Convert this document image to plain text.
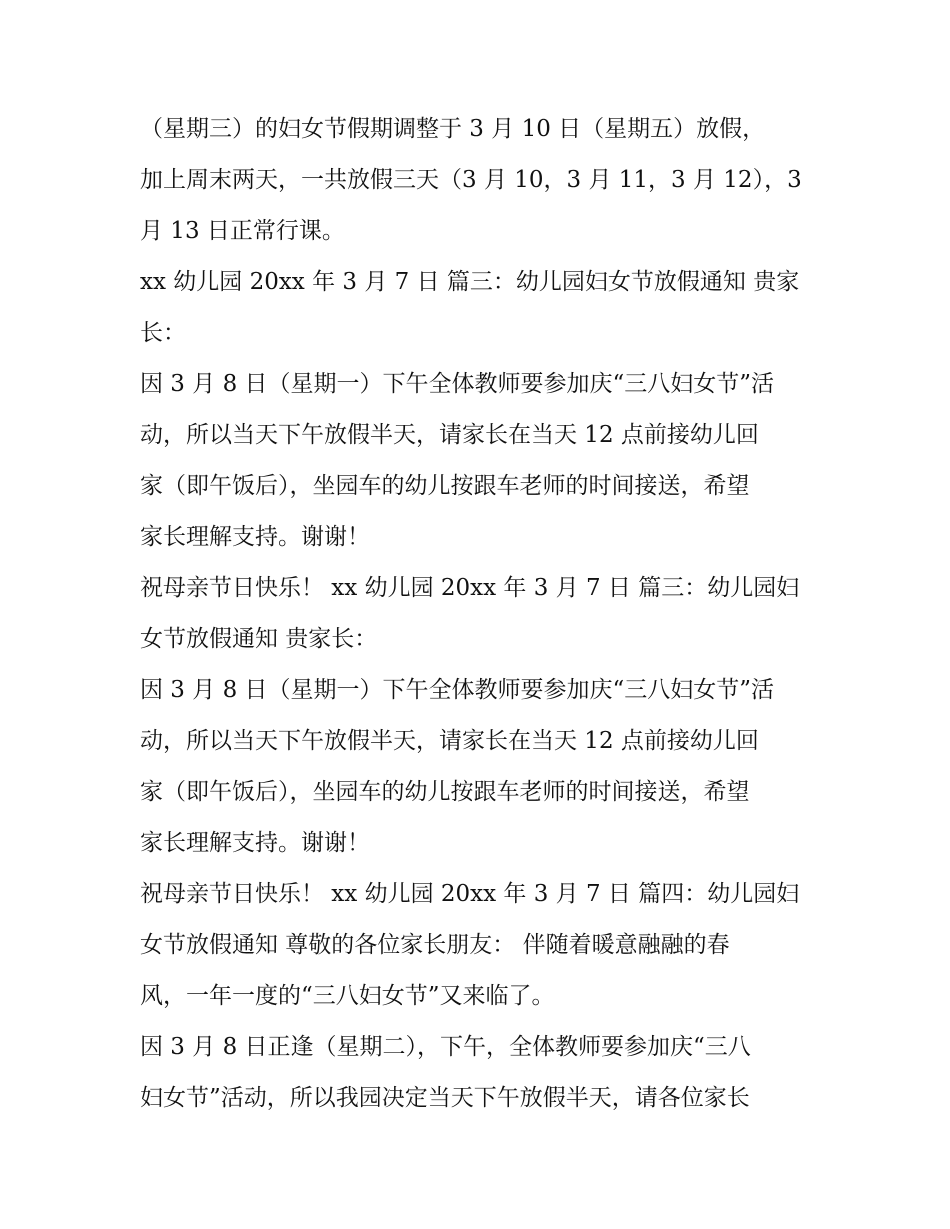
（星期三）的妇女节假期调整于 3 月 10 日（星期五）放假，
加上周末两天，一共放假三天（3 月 10，3 月 11，3 月 12），3
月 13 日正常行课。
xx 幼儿园 20xx 年 3 月 7 日 篇三：幼儿园妇女节放假通知 贵家
长：
因 3 月 8 日（星期一）下午全体教师要参加庆“三八妇女节”活
动，所以当天下午放假半天，请家长在当天 12 点前接幼儿回
家（即午饭后），坐园车的幼儿按跟车老师的时间接送，希望
家长理解支持。谢谢！
祝母亲节日快乐！ xx 幼儿园 20xx 年 3 月 7 日 篇三：幼儿园妇
女节放假通知 贵家长：
因 3 月 8 日（星期一）下午全体教师要参加庆“三八妇女节”活
动，所以当天下午放假半天，请家长在当天 12 点前接幼儿回
家（即午饭后），坐园车的幼儿按跟车老师的时间接送，希望
家长理解支持。谢谢！
祝母亲节日快乐！ xx 幼儿园 20xx 年 3 月 7 日 篇四：幼儿园妇
女节放假通知 尊敬的各位家长朋友： 伴随着暖意融融的春
风，一年一度的“三八妇女节”又来临了。
因 3 月 8 日正逢（星期二），下午，全体教师要参加庆“三八
妇女节”活动，所以我园决定当天下午放假半天，请各位家长
